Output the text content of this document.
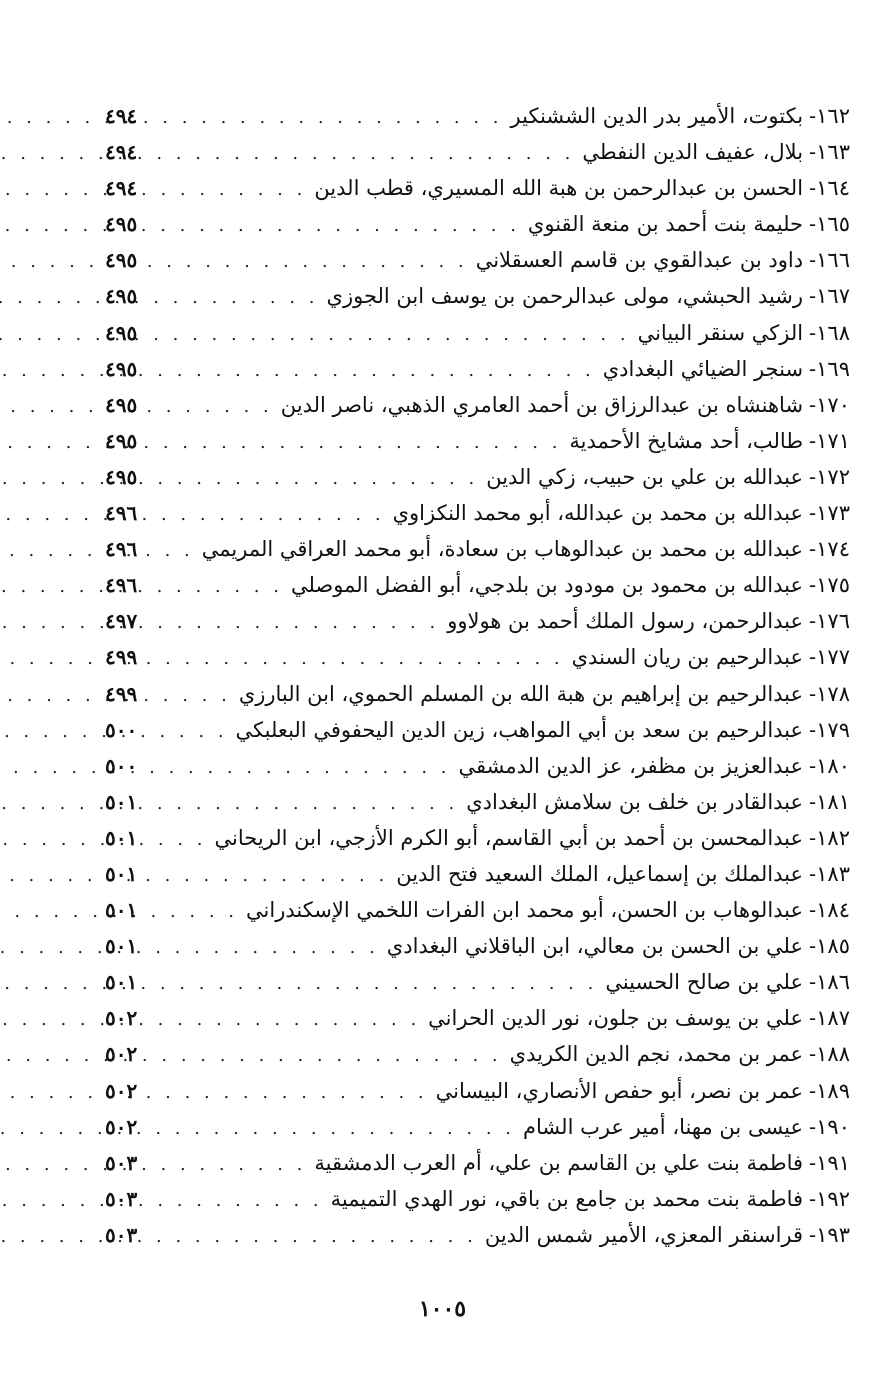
١٦٢
-
بكتوت، الأمير بدر الدين الششنكير
. . .
٤٩٤
١٦٣
-
بلال، عفيف الدين النفطي
. . .
٤٩٤
١٦٤
-
الحسن بن عبدالرحمن بن هبة الله المسيري، قطب الدين
. . .
٤٩٤
١٦٥
-
حليمة بنت أحمد بن منعة القنوي
. . .
٤٩٥
١٦٦
-
داود بن عبدالقوي بن قاسم العسقلاني
. . .
٤٩٥
١٦٧
-
رشيد الحبشي، مولى عبدالرحمن بن يوسف ابن الجوزي
. . .
٤٩٥
١٦٨
-
الزكي سنقر البياني
. . .
٤٩٥
١٦٩
-
سنجر الضيائي البغدادي
. . .
٤٩٥
١٧٠
-
شاهنشاه بن عبدالرزاق بن أحمد العامري الذهبي، ناصر الدين
. . .
٤٩٥
١٧١
-
طالب، أحد مشايخ الأحمدية
. . .
٤٩٥
١٧٢
-
عبدالله بن علي بن حبيب، زكي الدين
. . .
٤٩٥
١٧٣
-
عبدالله بن محمد بن عبدالله، أبو محمد النكزاوي
. . .
٤٩٦
١٧٤
-
عبدالله بن محمد بن عبدالوهاب بن سعادة، أبو محمد العراقي المريمي
. . .
٤٩٦
١٧٥
-
عبدالله بن محمود بن مودود بن بلدجي، أبو الفضل الموصلي
. . .
٤٩٦
١٧٦
-
عبدالرحمن، رسول الملك أحمد بن هولاوو
. . .
٤٩٧
١٧٧
-
عبدالرحيم بن ريان السندي
. . .
٤٩٩
١٧٨
-
عبدالرحيم بن إبراهيم بن هبة الله بن المسلم الحموي، ابن البارزي
. . .
٤٩٩
١٧٩
-
عبدالرحيم بن سعد بن أبي المواهب، زين الدين اليحفوفي البعلبكي
. . .
٥٠٠
١٨٠
-
عبدالعزيز بن مظفر، عز الدين الدمشقي
. . .
٥٠٠
١٨١
-
عبدالقادر بن خلف بن سلامش البغدادي
. . .
٥٠١
١٨٢
-
عبدالمحسن بن أحمد بن أبي القاسم، أبو الكرم الأزجي، ابن الريحاني
. . .
٥٠١
١٨٣
-
عبدالملك بن إسماعيل، الملك السعيد فتح الدين
. . .
٥٠١
١٨٤
-
عبدالوهاب بن الحسن، أبو محمد ابن الفرات اللخمي الإسكندراني
. . .
٥٠١
١٨٥
-
علي بن الحسن بن معالي، ابن الباقلاني البغدادي
. . .
٥٠١
١٨٦
-
علي بن صالح الحسيني
. . .
٥٠١
١٨٧
-
علي بن يوسف بن جلون، نور الدين الحراني
. . .
٥٠٢
١٨٨
-
عمر بن محمد، نجم الدين الكريدي
. . .
٥٠٢
١٨٩
-
عمر بن نصر، أبو حفص الأنصاري، البيساني
. . .
٥٠٢
١٩٠
-
عيسى بن مهنا، أمير عرب الشام
. . .
٥٠٢
١٩١
-
فاطمة بنت علي بن القاسم بن علي، أم العرب الدمشقية
. . .
٥٠٣
١٩٢
-
فاطمة بنت محمد بن جامع بن باقي، نور الهدي التميمية
. . .
٥٠٣
١٩٣
-
قراسنقر المعزي، الأمير شمس الدين
. . .
٥٠٣
١٠٠٥
